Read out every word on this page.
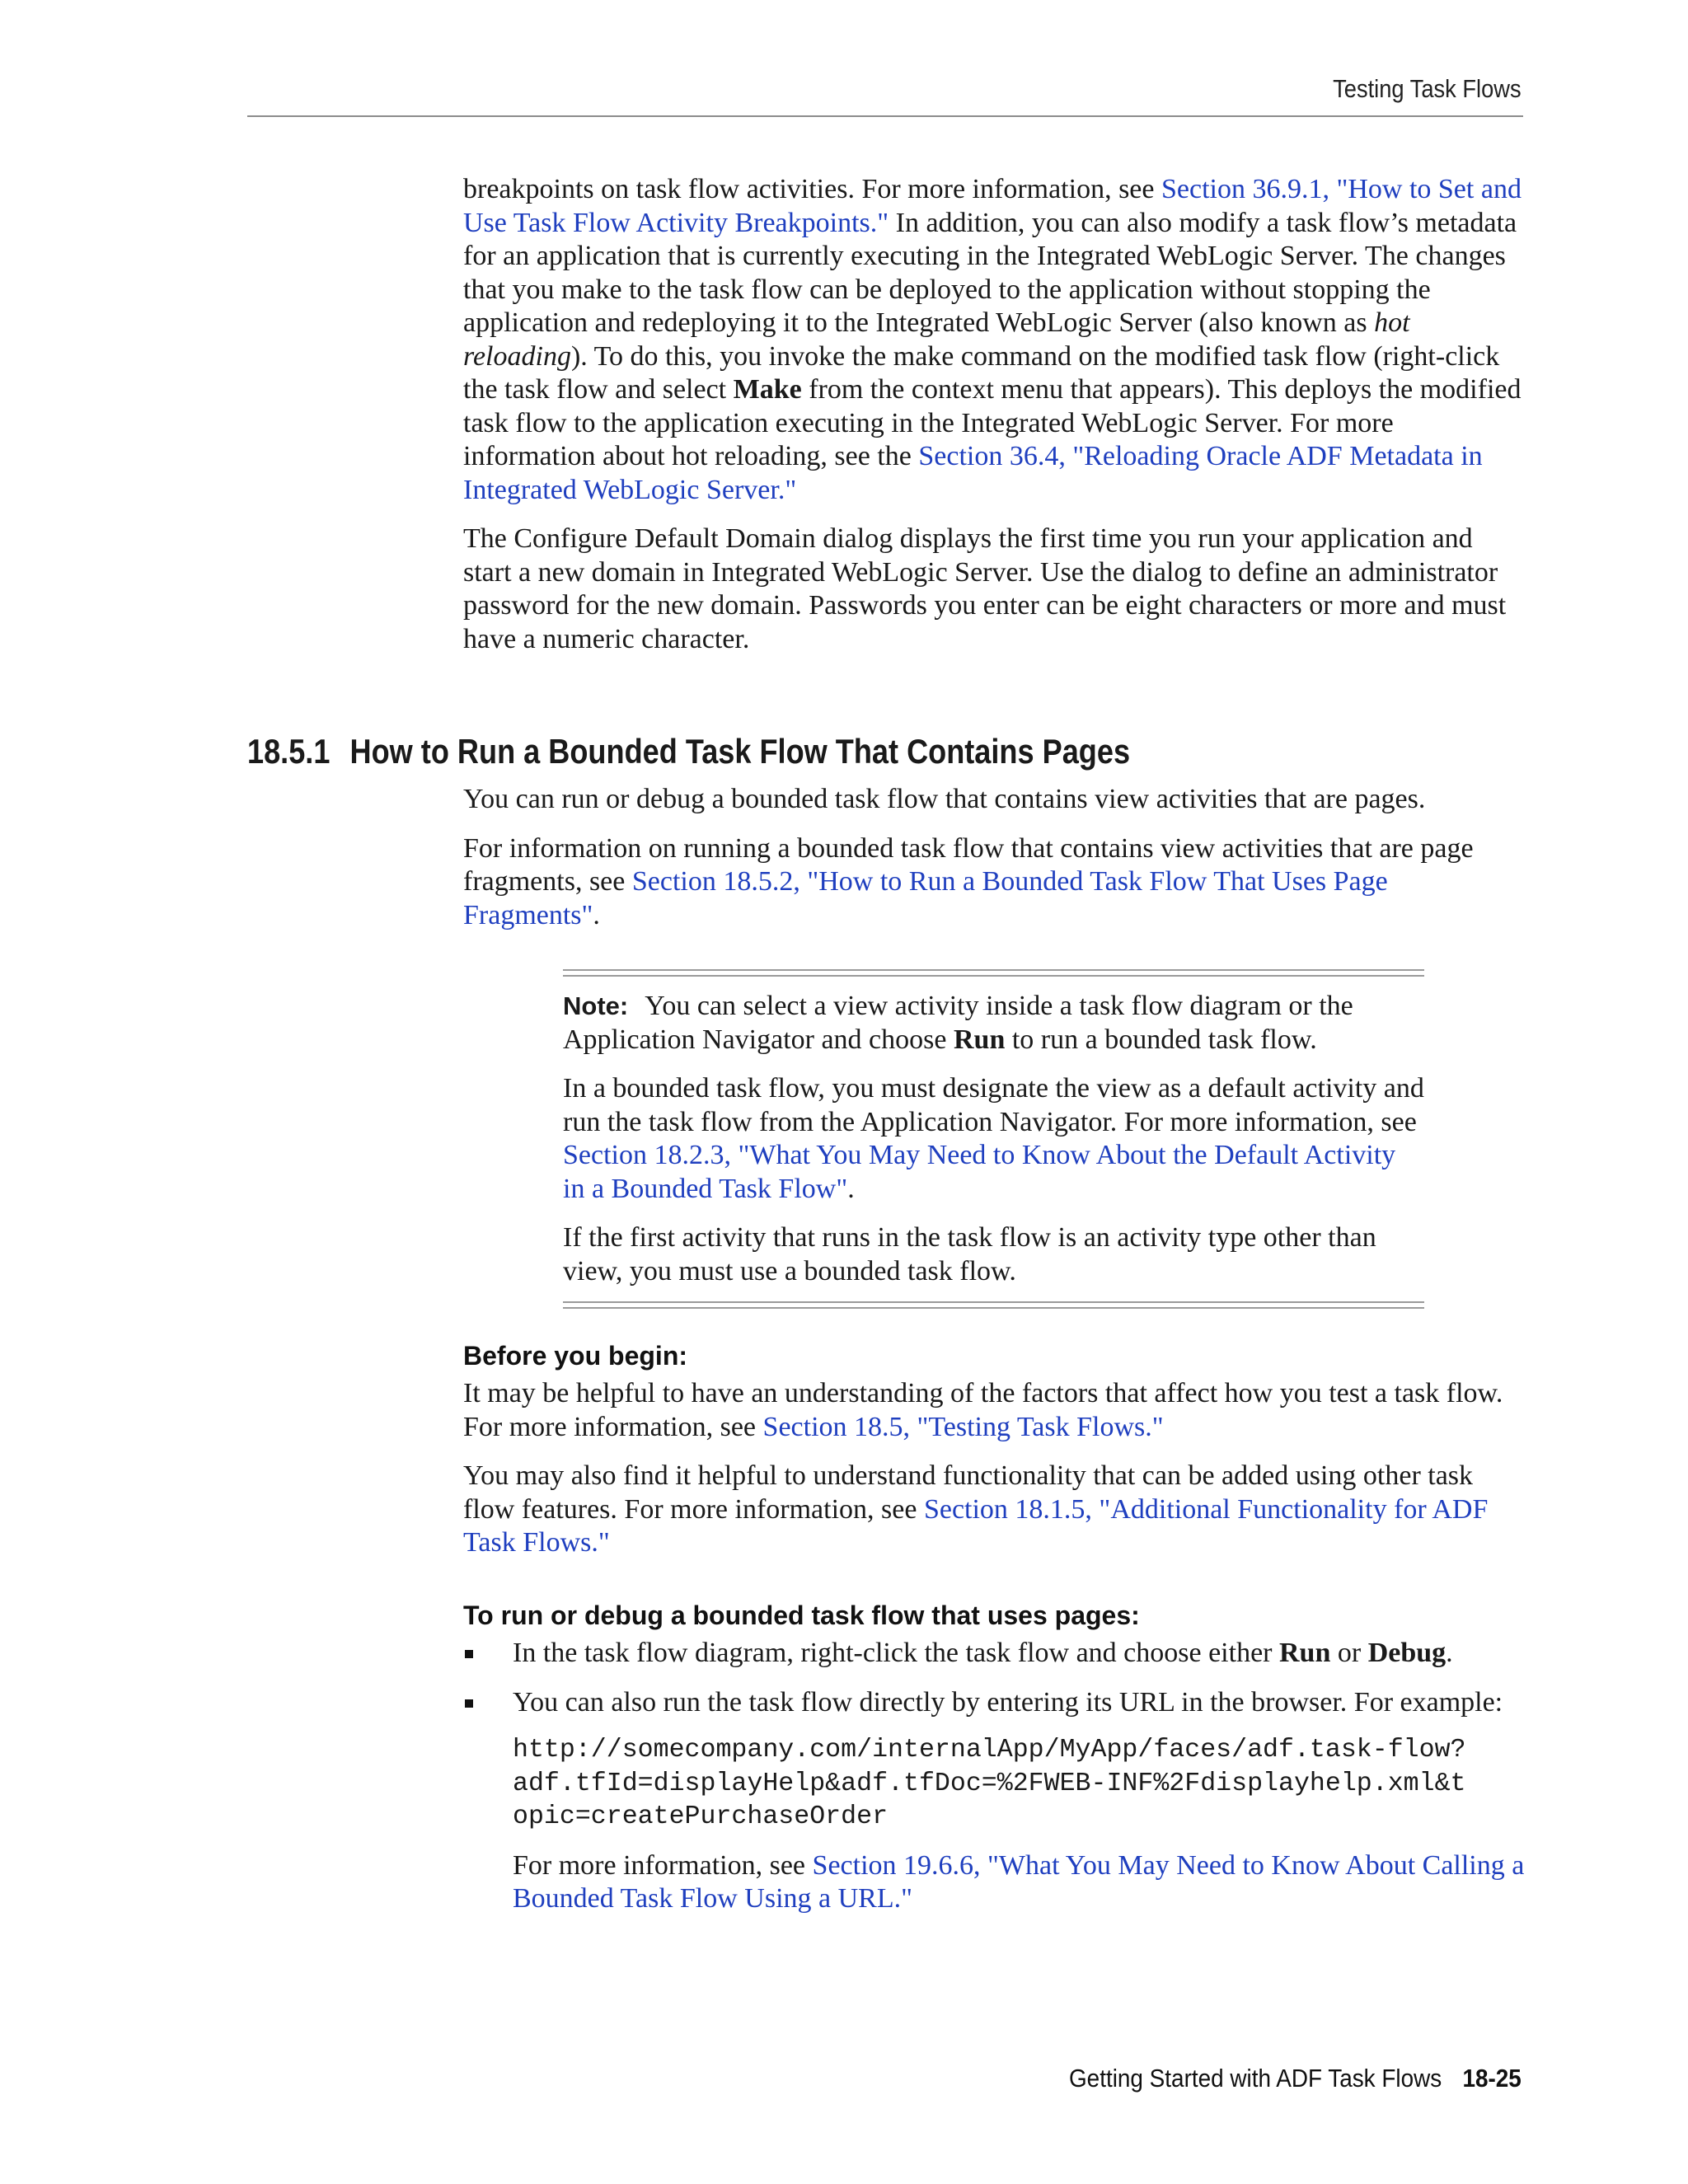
Testing Task Flows

breakpoints on task flow activities. For more information, see Section 36.9.1, "How to Set and Use Task Flow Activity Breakpoints." In addition, you can also modify a task flow’s metadata for an application that is currently executing in the Integrated WebLogic Server. The changes that you make to the task flow can be deployed to the application without stopping the application and redeploying it to the Integrated WebLogic Server (also known as hot reloading). To do this, you invoke the make command on the modified task flow (right-click the task flow and select Make from the context menu that appears). This deploys the modified task flow to the application executing in the Integrated WebLogic Server. For more information about hot reloading, see the Section 36.4, "Reloading Oracle ADF Metadata in Integrated WebLogic Server."

The Configure Default Domain dialog displays the first time you run your application and start a new domain in Integrated WebLogic Server. Use the dialog to define an administrator password for the new domain. Passwords you enter can be eight characters or more and must have a numeric character.

18.5.1 How to Run a Bounded Task Flow That Contains Pages

You can run or debug a bounded task flow that contains view activities that are pages.

For information on running a bounded task flow that contains view activities that are page fragments, see Section 18.5.2, "How to Run a Bounded Task Flow That Uses Page Fragments".

Note: You can select a view activity inside a task flow diagram or the Application Navigator and choose Run to run a bounded task flow.

In a bounded task flow, you must designate the view as a default activity and run the task flow from the Application Navigator. For more information, see Section 18.2.3, "What You May Need to Know About the Default Activity in a Bounded Task Flow".

If the first activity that runs in the task flow is an activity type other than view, you must use a bounded task flow.

Before you begin:

It may be helpful to have an understanding of the factors that affect how you test a task flow. For more information, see Section 18.5, "Testing Task Flows."

You may also find it helpful to understand functionality that can be added using other task flow features. For more information, see Section 18.1.5, "Additional Functionality for ADF Task Flows."

To run or debug a bounded task flow that uses pages:

In the task flow diagram, right-click the task flow and choose either Run or Debug.

You can also run the task flow directly by entering its URL in the browser. For example:

http://somecompany.com/internalApp/MyApp/faces/adf.task-flow?
adf.tfId=displayHelp&adf.tfDoc=%2FWEB-INF%2Fdisplayhelp.xml&t
opic=createPurchaseOrder

For more information, see Section 19.6.6, "What You May Need to Know About Calling a Bounded Task Flow Using a URL."

Getting Started with ADF Task Flows 18-25
